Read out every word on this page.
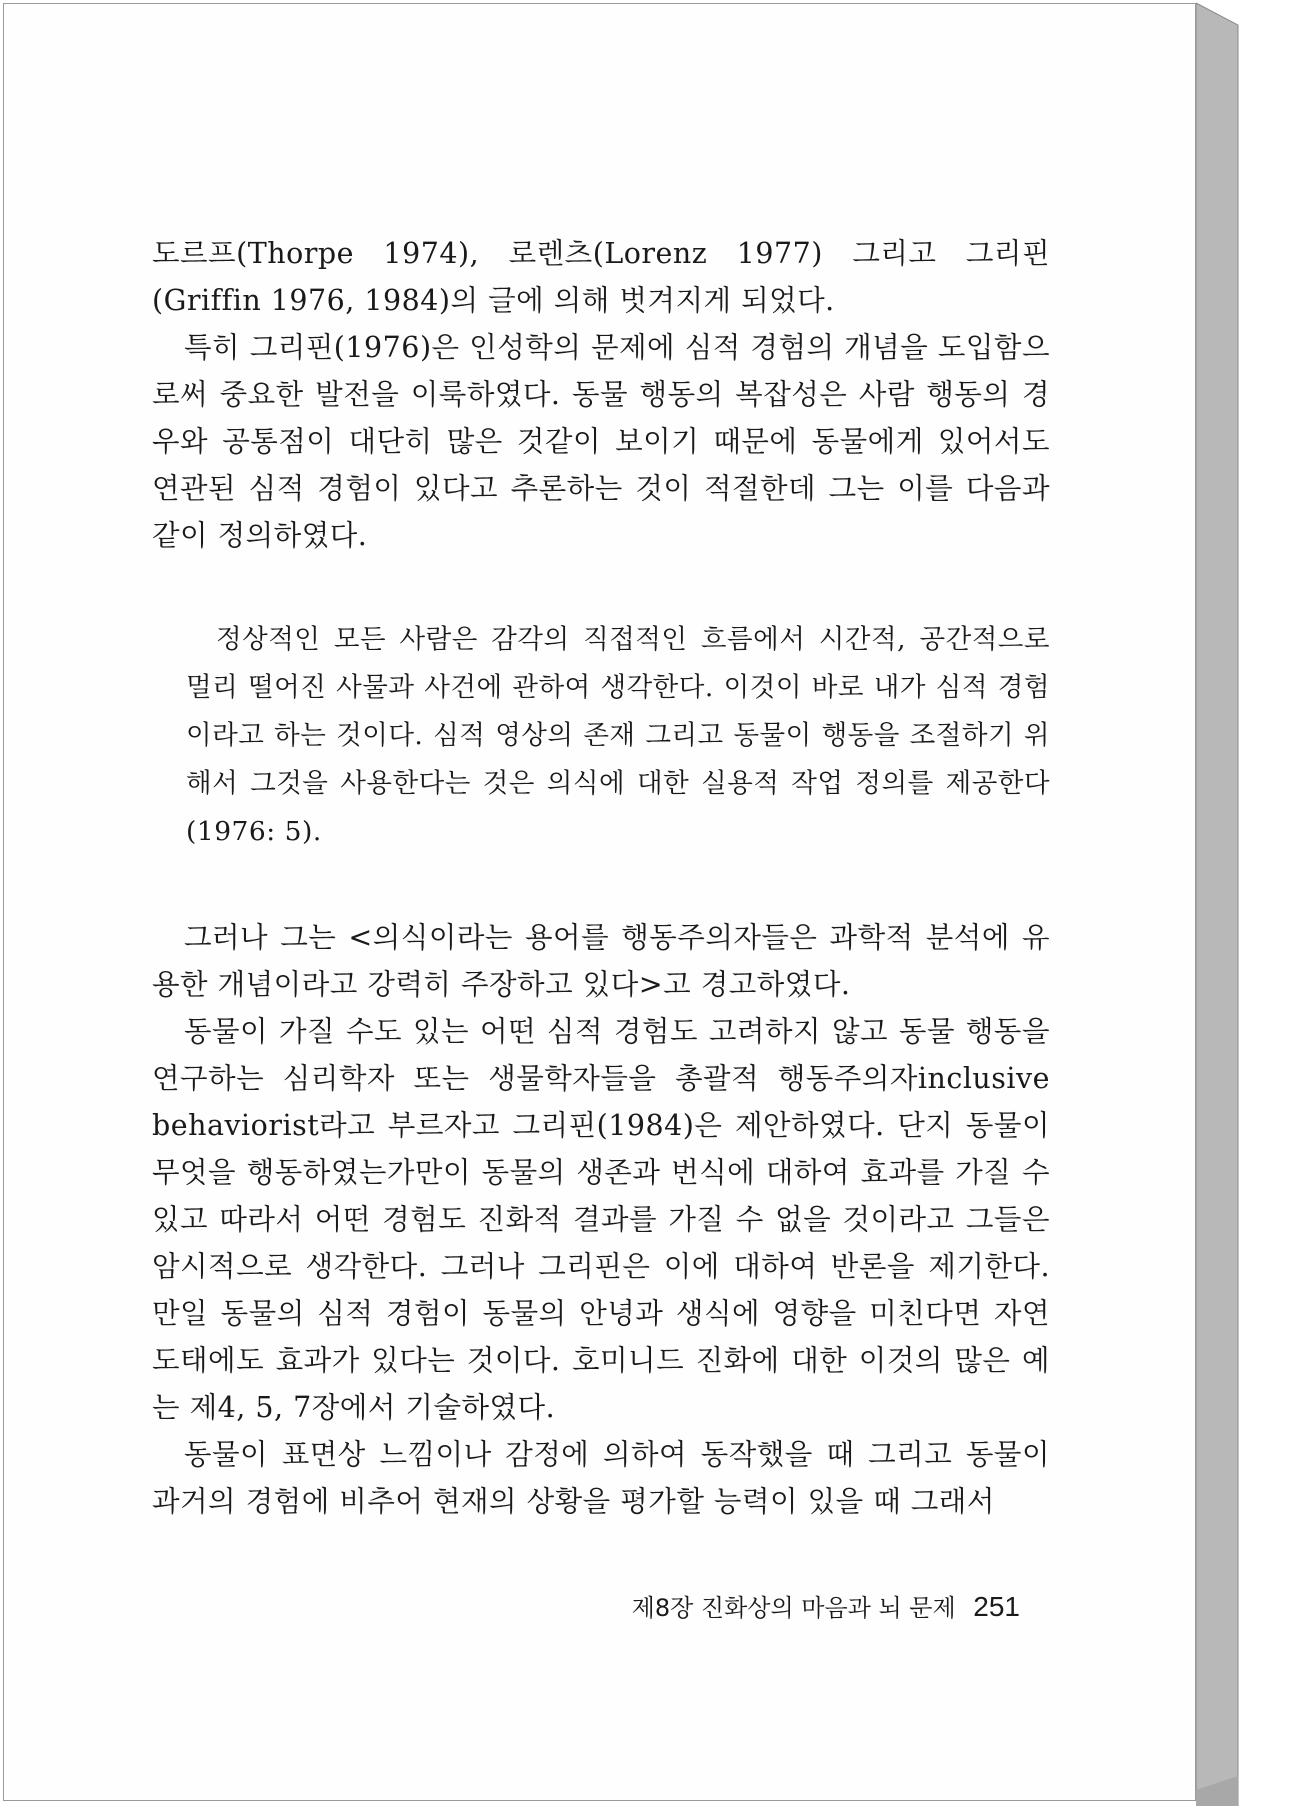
도르프(Thorpe 1974), 로렌츠(Lorenz 1977) 그리고 그리핀(Griffin 1976, 1984)의 글에 의해 벗겨지게 되었다.

특히 그리핀(1976)은 인성학의 문제에 심적 경험의 개념을 도입함으로써 중요한 발전을 이룩하였다. 동물 행동의 복잡성은 사람 행동의 경우와 공통점이 대단히 많은 것같이 보이기 때문에 동물에게 있어서도 연관된 심적 경험이 있다고 추론하는 것이 적절한데 그는 이를 다음과 같이 정의하였다.

정상적인 모든 사람은 감각의 직접적인 흐름에서 시간적, 공간적으로 멀리 떨어진 사물과 사건에 관하여 생각한다. 이것이 바로 내가 심적 경험이라고 하는 것이다. 심적 영상의 존재 그리고 동물이 행동을 조절하기 위해서 그것을 사용한다는 것은 의식에 대한 실용적 작업 정의를 제공한다(1976: 5).

그러나 그는 <의식이라는 용어를 행동주의자들은 과학적 분석에 유용한 개념이라고 강력히 주장하고 있다>고 경고하였다.

동물이 가질 수도 있는 어떤 심적 경험도 고려하지 않고 동물 행동을 연구하는 심리학자 또는 생물학자들을 총괄적 행동주의자inclusive behaviorist라고 부르자고 그리핀(1984)은 제안하였다. 단지 동물이 무엇을 행동하였는가만이 동물의 생존과 번식에 대하여 효과를 가질 수 있고 따라서 어떤 경험도 진화적 결과를 가질 수 없을 것이라고 그들은 암시적으로 생각한다. 그러나 그리핀은 이에 대하여 반론을 제기한다. 만일 동물의 심적 경험이 동물의 안녕과 생식에 영향을 미친다면 자연도태에도 효과가 있다는 것이다. 호미니드 진화에 대한 이것의 많은 예는 제4, 5, 7장에서 기술하였다.

동물이 표면상 느낌이나 감정에 의하여 동작했을 때 그리고 동물이 과거의 경험에 비추어 현재의 상황을 평가할 능력이 있을 때 그래서

제8장 진화상의 마음과 뇌 문제 251
